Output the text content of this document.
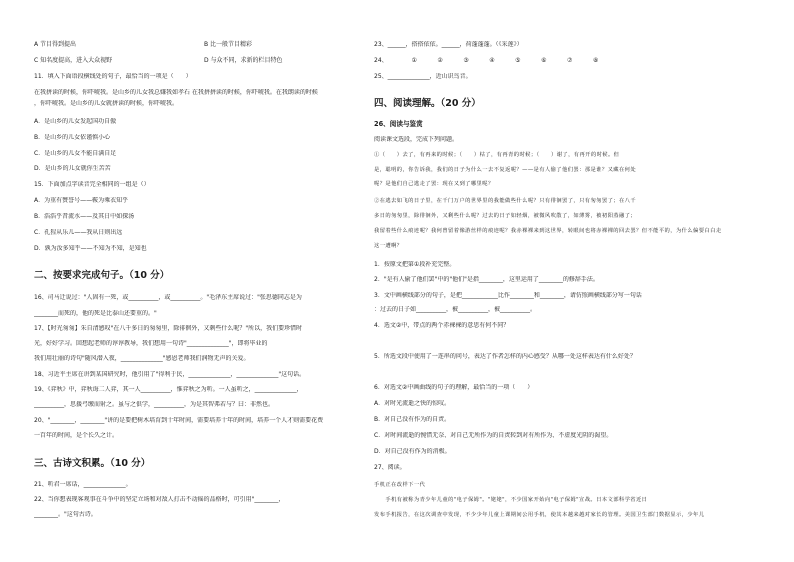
A 节目得到提出	B 比一般节目精彩
C 知名度提高，进入大众视野	D 与众不同，求新的栏目特色
11．填入下面语段横线处的句子，最恰当的一项是（　　）
在我拼读的时候，你吓唬我。是山乡的儿女我总嫌我如孝石 在我拼拼读的时候，你吓唬我。在我朗读的时候
，你吓唬我。是山乡的儿女就拼读的时候，你吓唬我。
A．是山乡的儿女发起国功自傲
B．是山乡的儿女依谨慎小心
C．是山乡的儿女不能自满自足
D．是山乡的儿女就你生苦苦
15．下面加点字读音完全相同的一组是（）
A．为重有赞誉号——鞍为乘衣知乎
B．浩浩乎昔流水——及其日中如探汤
C．孔猩从乐儿——我从日则出远
D．孰为汝多知乎——不知为不知，是知也
二、按要求完成句子。（10 分）
16、司马迁说过："人固有一死，或__________，或__________。"毛泽东主席说过："张思德同志是为
________而死的，他的死是比泰山还要重的。"
17、【时光匆匆】朱自清感叹"在八千多日的匆匆里，除徘徊外，又剩些什么呢？"所以，我们要珍惜时
光，好好学习。回想起老师的谆谆教导，我们想用一句诗"______________"，即将毕业的
我们用壮丽的诗句"随风潜入夜，______________"感恩老师我们润物无声的关爱。
18、习近平主席在讲到某国研究时，他引用了"得利于民，______________，______________"这句话。
19、《弈秋》中，弈秋诲二人弈，其一人__________，惟弈秋之为听。一人虽听之，______________，
__________，思援弓缴而射之。虽与之俱学，__________，为是其智弗若与？曰：非然也。
20、"________，________"讲的是要把树木培育到十年时间，需要培养十年的时间，培养一个人才则需要花费
一百年的时间，是个长久之计。
三、古诗文积累。（10 分）
21、听君一席话，______________。
22、当你想表现客观事在斗争中的坚定立场和对敌人打击不动摇的品格时，可引用"________，
________。"这句古诗。
23、______，搭搭依依。______，荷蓬蓬蓬。（《采莲》）
24、	①	②	③	④	⑤	⑥	⑦	⑧
25、______________，近山识鸟音。
四、阅读理解。（20 分）
26、阅读与鉴赏
阅读课文选段，完成下列问题。
①（　　）去了，有再来的时候；（　　）枯了，有再青的时候；（　　）谢了，有再开的时候。但
是，聪明的，你告诉我，我们的日子为什么一去不复返呢？——是有人偷了他们罢：那是谁？又藏在何处
呢？是他们自己逃走了罢：现在又到了哪里呢？
②在逃去如飞的日子里，在千门万户的世界里的我能做些什么呢？只有徘徊罢了，只有匆匆罢了；在八千
多日的匆匆里，除徘徊外，又剩些什么呢？过去的日子如轻烟，被微风吹散了，如薄雾，被初阳蒸融了；
我留着些什么痕迹呢？我何曾留着像游丝样的痕迹呢？我赤裸裸来到这世界，转眼间也将赤裸裸的回去罢？但不能平的，为什么偏要白白走
这一遭啊？
1．按原文把第①段补充完整。
2．"是有人偷了他们罢"中的"他们"是指________，这里运用了________的修辞手法。
3．文中画横线部分的句子，是把____________比作________和________，请仿照画横线部分写一句话
：过去的日子如__________，被__________，被__________。
4．选文②中，带点的两个赤裸裸的意思有何不同？
5．所选文段中使用了一连串的问号，表达了作者怎样的内心感受？从哪一处这样表达有什么好处？
6．对选文②中画曲线的句子的理解，最恰当的一项（　　）
A．对时光流逝之快的惊叹。
B．对自己没有作为的自责。
C．对时间流逝的惋惜无奈、对自己无所作为的自责转到对有所作为、不虚度光阴的渴望。
D．对自己没有作为的消极。
27、阅读。
手机正在改样下一代
　　手机有被称为青少年儿童的"电子保姆"。"姥姥"，不少国家开始向"电子保姆"宣战。日本文部科学省近日
发布手机报告，在这次调查中发现，不少少年儿童上课期间公用手机，使其本越来越对家长的管理。美国卫生部门数据显示，少年儿
